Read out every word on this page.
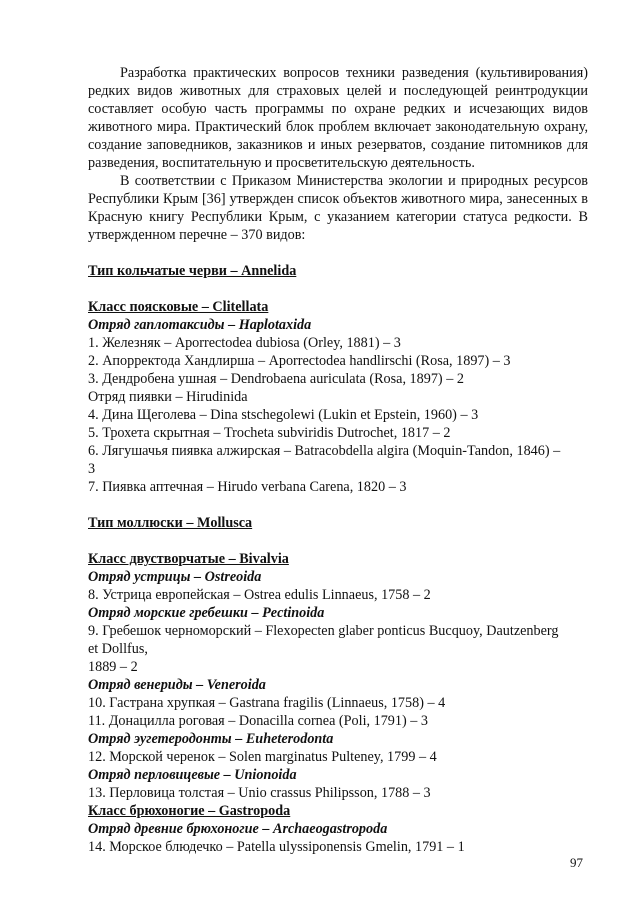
Разработка практических вопросов техники разведения (культивирования) редких видов животных для страховых целей и последующей реинтродукции составляет особую часть программы по охране редких и исчезающих видов животного мира. Практический блок проблем включает законодательную охрану, создание заповедников, заказников и иных резерватов, создание питомников для разведения, воспитательную и просветительскую деятельность.

В соответствии с Приказом Министерства экологии и природных ресурсов Республики Крым [36] утвержден список объектов животного мира, занесенных в Красную книгу Республики Крым, с указанием категории статуса редкости. В утвержденном перечне – 370 видов:

Тип кольчатые черви – Annelida

Класс поясковые – Clitellata

Отряд гаплотаксиды – Haplotaxida

1. Железняк – Aporrectodea dubiosa (Orley, 1881) – 3

2. Апорректода Хандлирша – Aporrectodea handlirschi (Rosa, 1897) – 3

3. Дендробена ушная – Dendrobaena auriculata (Rosa, 1897) – 2

Отряд пиявки – Hirudinida

4. Дина Щеголева – Dina stschegolewi (Lukin et Epstein, 1960) – 3

5. Трохета скрытная – Trocheta subviridis Dutrochet, 1817 – 2

6. Лягушачья пиявка алжирская – Batracobdella algira (Moquin-Tandon, 1846) –

3

7. Пиявка аптечная – Hirudo verbana Carena, 1820 – 3

Тип моллюски – Mollusca

Класс двустворчатые – Bivalvia

Отряд устрицы – Ostreoida

8. Устрица европейская – Ostrea edulis Linnaeus, 1758 – 2

Отряд морские гребешки – Pectinoida

9. Гребешок черноморский – Flexopecten glaber ponticus Bucquoy, Dautzenberg

et Dollfus,

1889 – 2

Отряд венериды – Veneroida

10. Гастрана хрупкая – Gastrana fragilis (Linnaeus, 1758) – 4

11. Донацилла роговая – Donacilla cornea (Poli, 1791) – 3

Отряд эугетеродонты – Euheterodonta

12. Морской черенок – Solen marginatus Pulteney, 1799 – 4

Отряд перловицевые – Unionoida

13. Перловица толстая – Unio crassus Philipsson, 1788 – 3

Класс брюхоногие – Gastropoda

Отряд древние брюхоногие – Archaeogastropoda

14. Морское блюдечко – Patella ulyssiponensis Gmelin, 1791 – 1

97
